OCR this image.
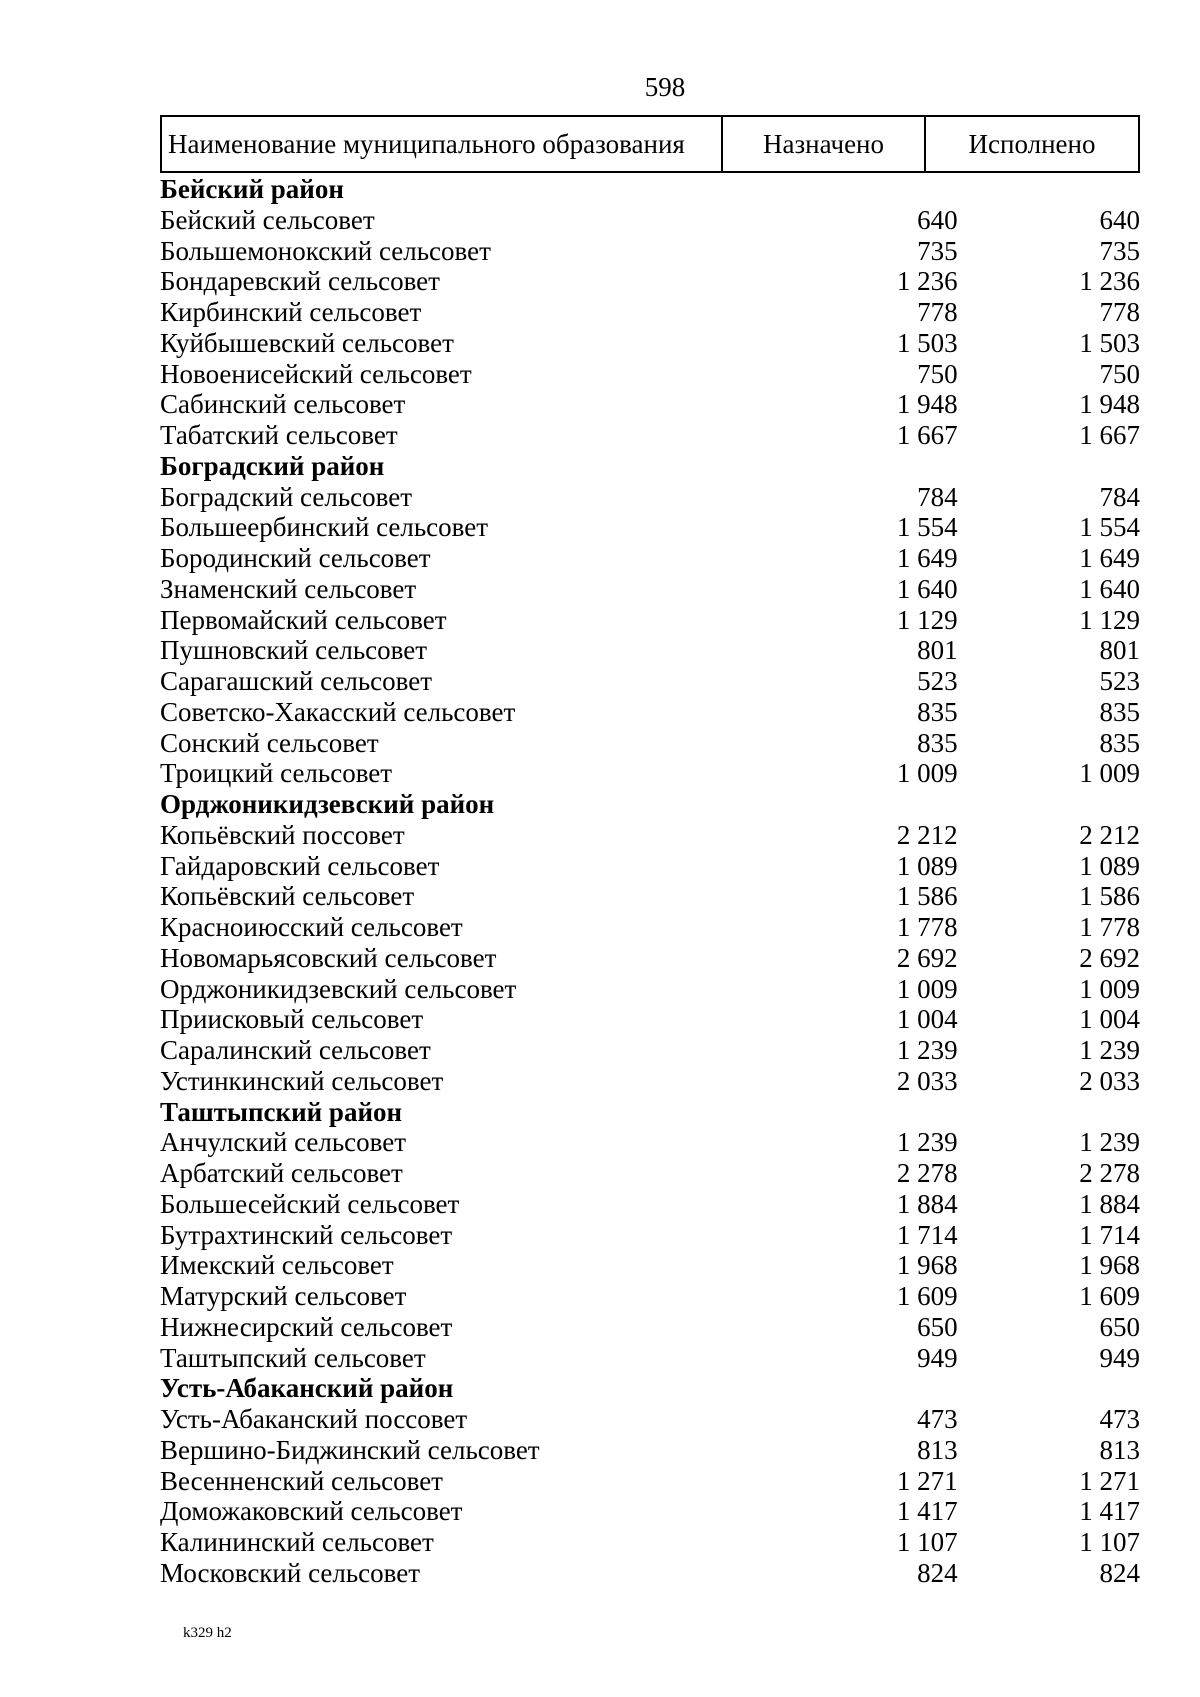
598
Наименование муниципального образования	Назначено	Исполнено
Бейский район
Бейский сельсовет	640	640
Большемонокский сельсовет	735	735
Бондаревский сельсовет	1 236	1 236
Кирбинский сельсовет	778	778
Куйбышевский сельсовет	1 503	1 503
Новоенисейский сельсовет	750	750
Сабинский сельсовет	1 948	1 948
Табатский сельсовет	1 667	1 667
Боградский район
Боградский сельсовет	784	784
Большеербинский сельсовет	1 554	1 554
Бородинский сельсовет	1 649	1 649
Знаменский сельсовет	1 640	1 640
Первомайский сельсовет	1 129	1 129
Пушновский сельсовет	801	801
Сарагашский сельсовет	523	523
Советско-Хакасский сельсовет	835	835
Сонский сельсовет	835	835
Троицкий сельсовет	1 009	1 009
Орджоникидзевский район
Копьёвский поссовет	2 212	2 212
Гайдаровский сельсовет	1 089	1 089
Копьёвский сельсовет	1 586	1 586
Красноиюсский сельсовет	1 778	1 778
Новомарьясовский сельсовет	2 692	2 692
Орджоникидзевский сельсовет	1 009	1 009
Приисковый сельсовет	1 004	1 004
Саралинский сельсовет	1 239	1 239
Устинкинский сельсовет	2 033	2 033
Таштыпский район
Анчулский сельсовет	1 239	1 239
Арбатский сельсовет	2 278	2 278
Большесейский сельсовет	1 884	1 884
Бутрахтинский сельсовет	1 714	1 714
Имекский сельсовет	1 968	1 968
Матурский сельсовет	1 609	1 609
Нижнесирский сельсовет	650	650
Таштыпский сельсовет	949	949
Усть-Абаканский район
Усть-Абаканский поссовет	473	473
Вершино-Биджинский сельсовет	813	813
Весенненский сельсовет	1 271	1 271
Доможаковский сельсовет	1 417	1 417
Калининский сельсовет	1 107	1 107
Московский сельсовет	824	824
k329 h2
